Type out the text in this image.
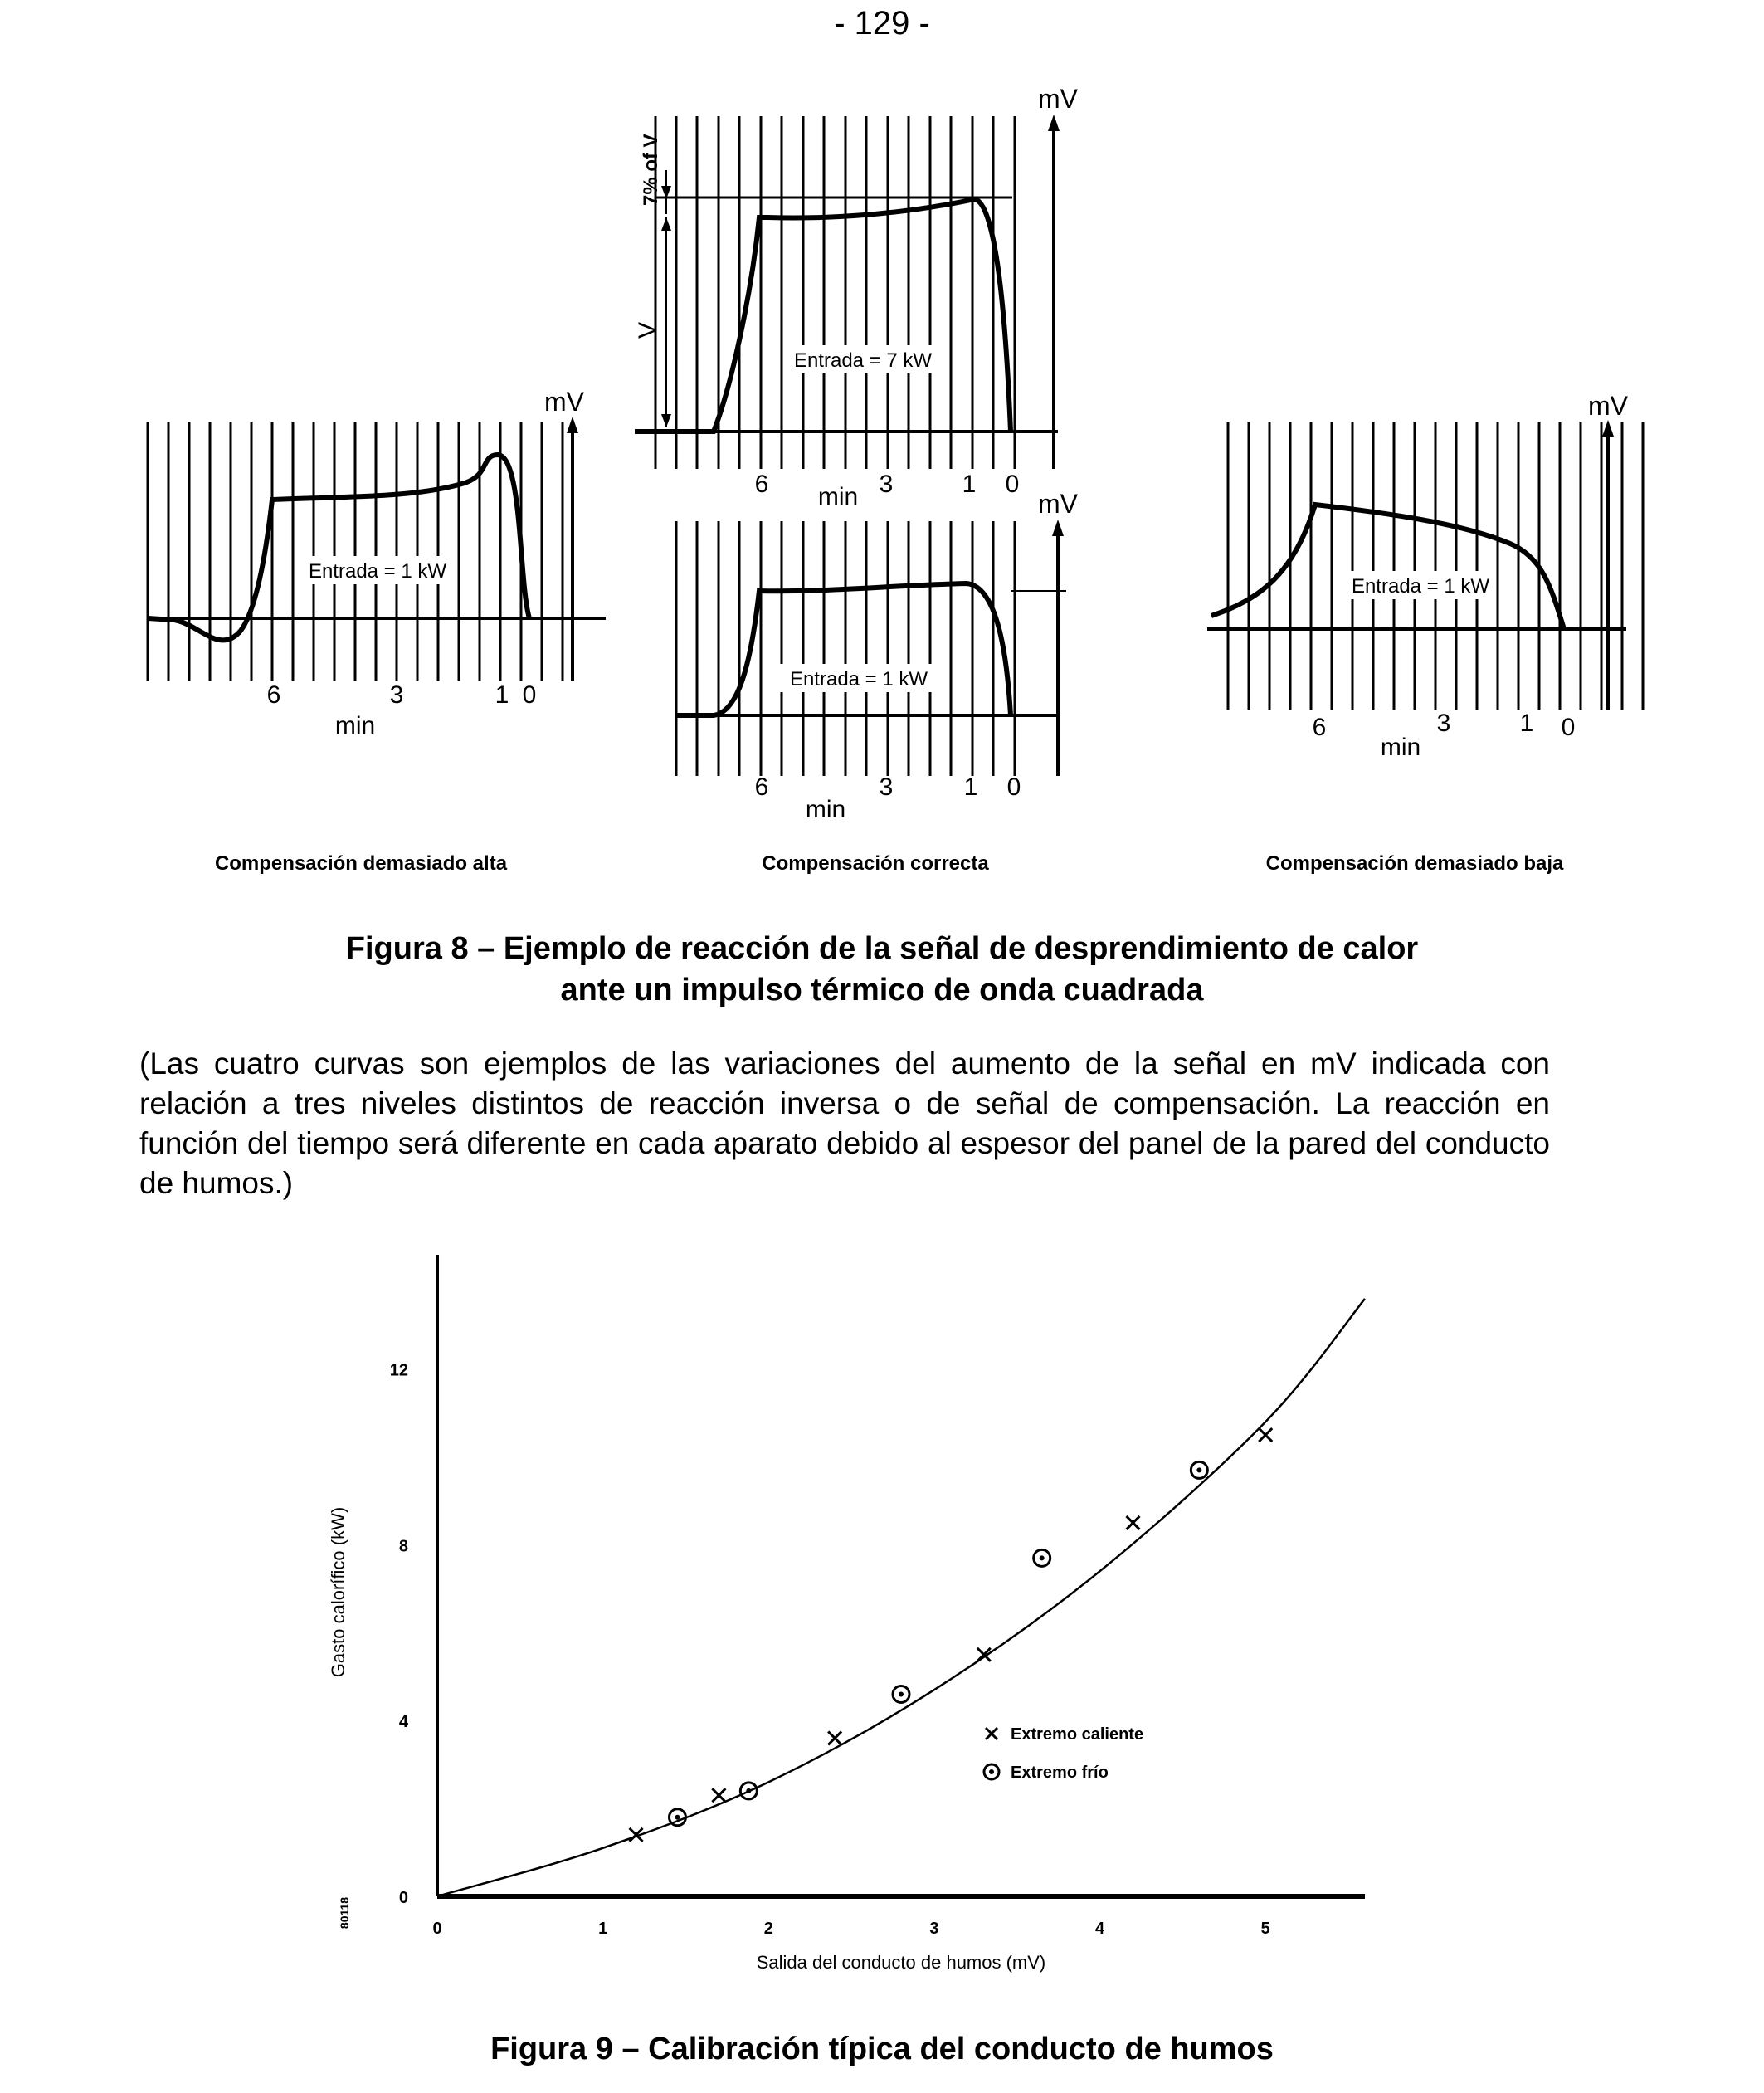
- 129 -
V
7% of V
Entrada = 7 kW
mV
6	3	1 0
min
Entrada = 1 kW
mV
6	3	1 0
min
Entrada = 1 kW
mV
6	3	1 0
min
Entrada = 1 kW
mV
6	3	1 0
min
Compensación demasiado alta	Compensación correcta	Compensación demasiado baja
Figura 8 – Ejemplo de reacción de la señal de desprendimiento de calor
ante un impulso térmico de onda cuadrada
(Las cuatro curvas son ejemplos de las variaciones del aumento de la señal en mV indicada con relación a tres niveles distintos de reacción inversa o de señal de compensación. La reacción en función del tiempo será diferente en cada aparato debido al espesor del panel de la pared del conducto de humos.)
0	1	2	3	4	5
0
4
8
12
Salida del conducto de humos (mV)
Gasto calorífico (kW)
80118
Extremo caliente
Extremo frío
Figura 9 – Calibración típica del conducto de humos
